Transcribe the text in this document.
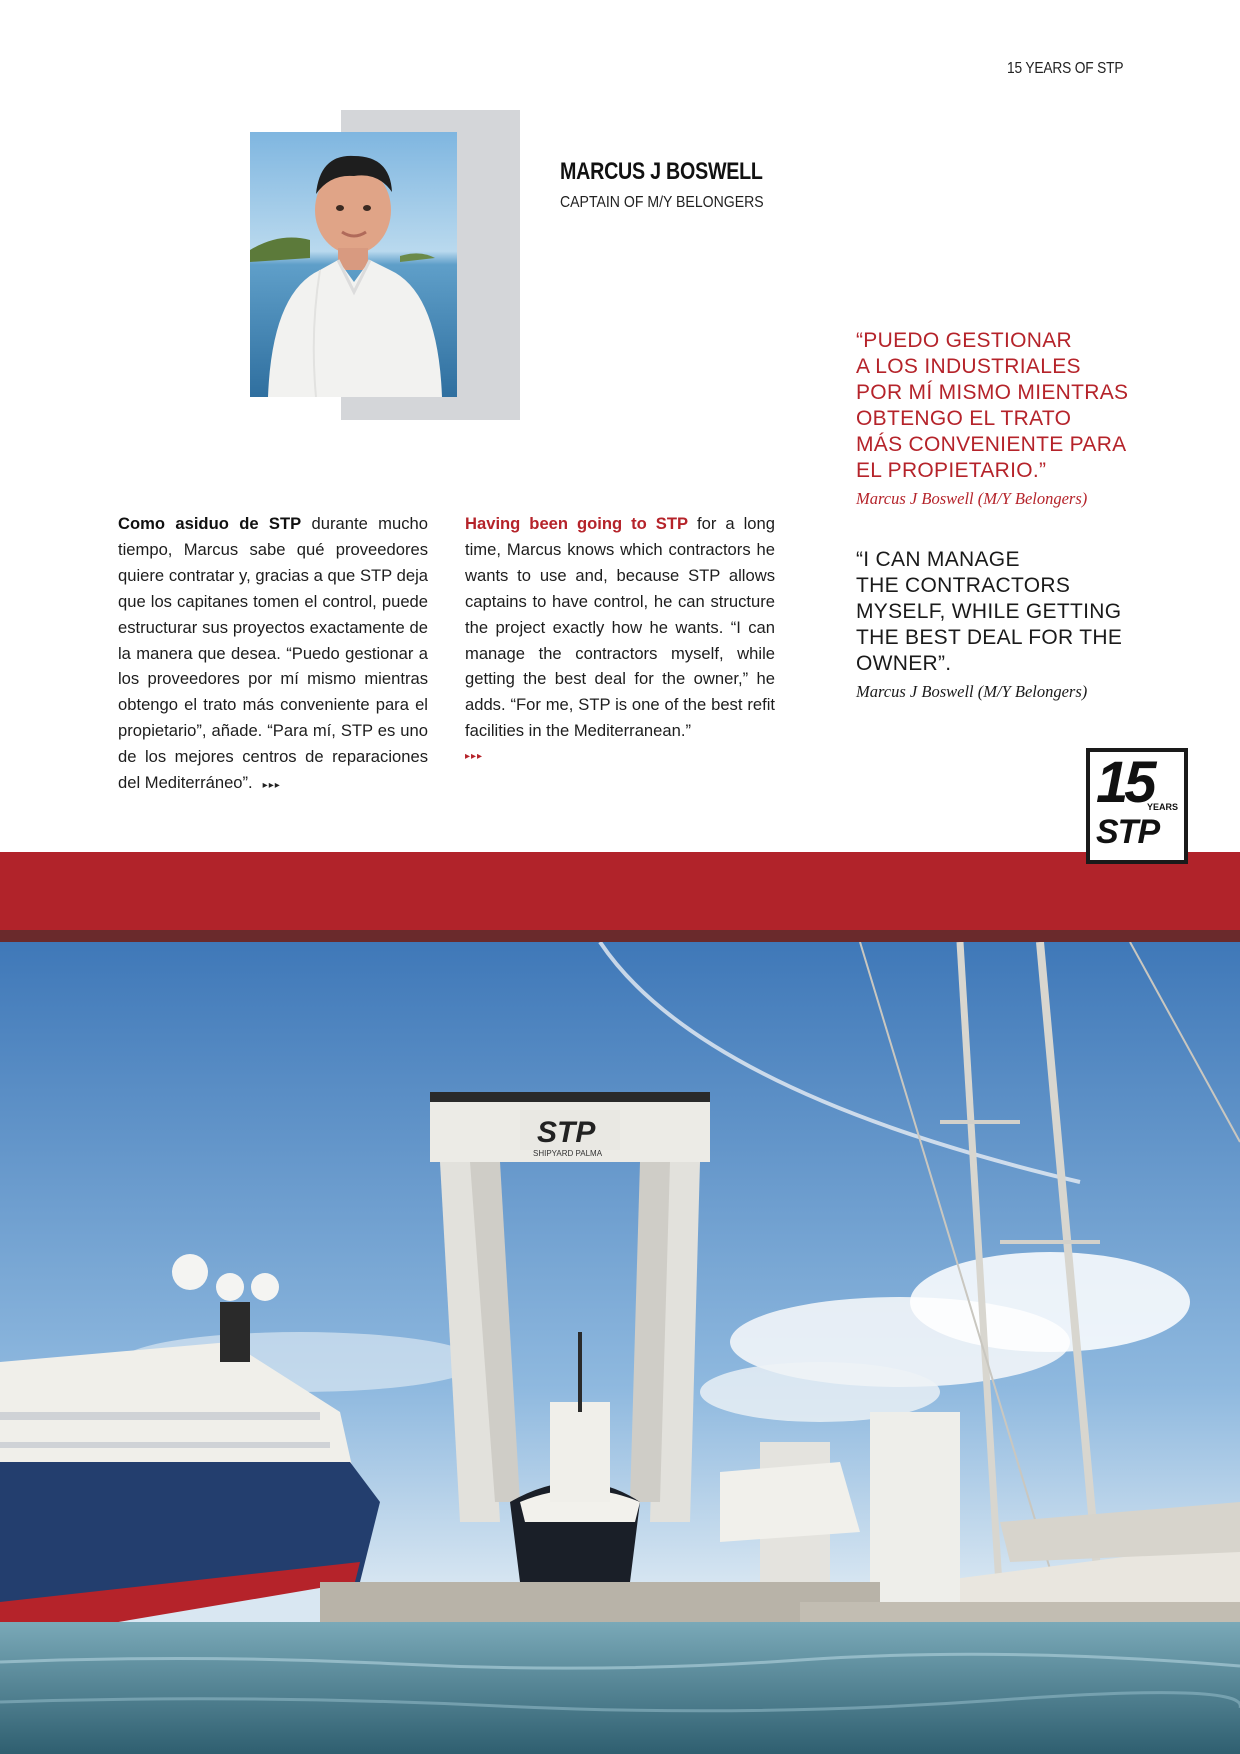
15 YEARS OF STP
MARCUS J BOSWELL
CAPTAIN OF M/Y BELONGERS
Como asiduo de STP durante mucho tiempo, Marcus sabe qué proveedores quiere contratar y, gracias a que STP deja que los capitanes tomen el control, puede estructurar sus proyectos exactamente de la manera que desea. “Puedo gestionar a los proveedores por mí mismo mientras obtengo el trato más conveniente para el propietario”, añade. “Para mí, STP es uno de los mejores centros de reparaciones del Mediterráneo”. ▸▸▸
Having been going to STP for a long time, Marcus knows which contractors he wants to use and, because STP allows captains to have control, he can structure the project exactly how he wants. “I can manage the contractors myself, while getting the best deal for the owner,” he adds. “For me, STP is one of the best refit facilities in the Mediterranean.”
▸▸▸
“PUEDO GESTIONAR
A LOS INDUSTRIALES
POR MÍ MISMO MIENTRAS
OBTENGO EL TRATO
MÁS CONVENIENTE PARA
EL PROPIETARIO.”
Marcus J Boswell (M/Y Belongers)
“I CAN MANAGE
THE CONTRACTORS
MYSELF, WHILE GETTING
THE BEST DEAL FOR THE
OWNER”.
Marcus J Boswell (M/Y Belongers)
15
YEARS
STP
STP
SHIPYARD PALMA
